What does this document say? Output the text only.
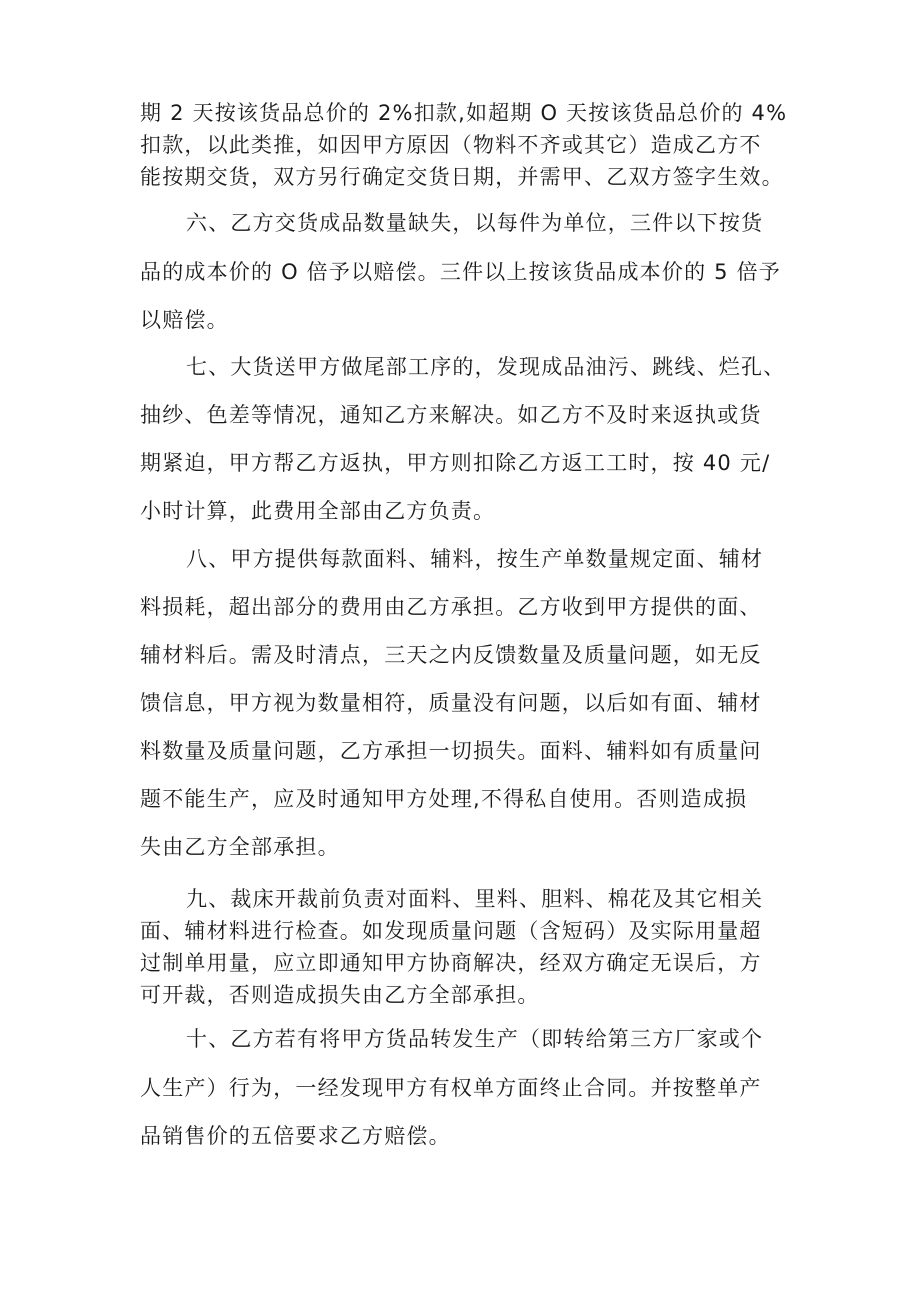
期 2 天按该货品总价的 2%扣款,如超期 O 天按该货品总价的 4%
扣款，以此类推，如因甲方原因（物料不齐或其它）造成乙方不
能按期交货，双方另行确定交货日期，并需甲、乙双方签字生效。
六、乙方交货成品数量缺失，以每件为单位，三件以下按货
品的成本价的 O 倍予以赔偿。三件以上按该货品成本价的 5 倍予
以赔偿。
七、大货送甲方做尾部工序的，发现成品油污、跳线、烂孔、
抽纱、色差等情况，通知乙方来解决。如乙方不及时来返执或货
期紧迫，甲方帮乙方返执，甲方则扣除乙方返工工时，按 40 元/
小时计算，此费用全部由乙方负责。
八、甲方提供每款面料、辅料，按生产单数量规定面、辅材
料损耗，超出部分的费用由乙方承担。乙方收到甲方提供的面、
辅材料后。需及时清点，三天之内反馈数量及质量问题，如无反
馈信息，甲方视为数量相符，质量没有问题，以后如有面、辅材
料数量及质量问题，乙方承担一切损失。面料、辅料如有质量问
题不能生产，应及时通知甲方处理,不得私自使用。否则造成损
失由乙方全部承担。
九、裁床开裁前负责对面料、里料、胆料、棉花及其它相关
面、辅材料进行检查。如发现质量问题（含短码）及实际用量超
过制单用量，应立即通知甲方协商解决，经双方确定无误后，方
可开裁，否则造成损失由乙方全部承担。
十、乙方若有将甲方货品转发生产（即转给第三方厂家或个
人生产）行为，一经发现甲方有权单方面终止合同。并按整单产
品销售价的五倍要求乙方赔偿。
